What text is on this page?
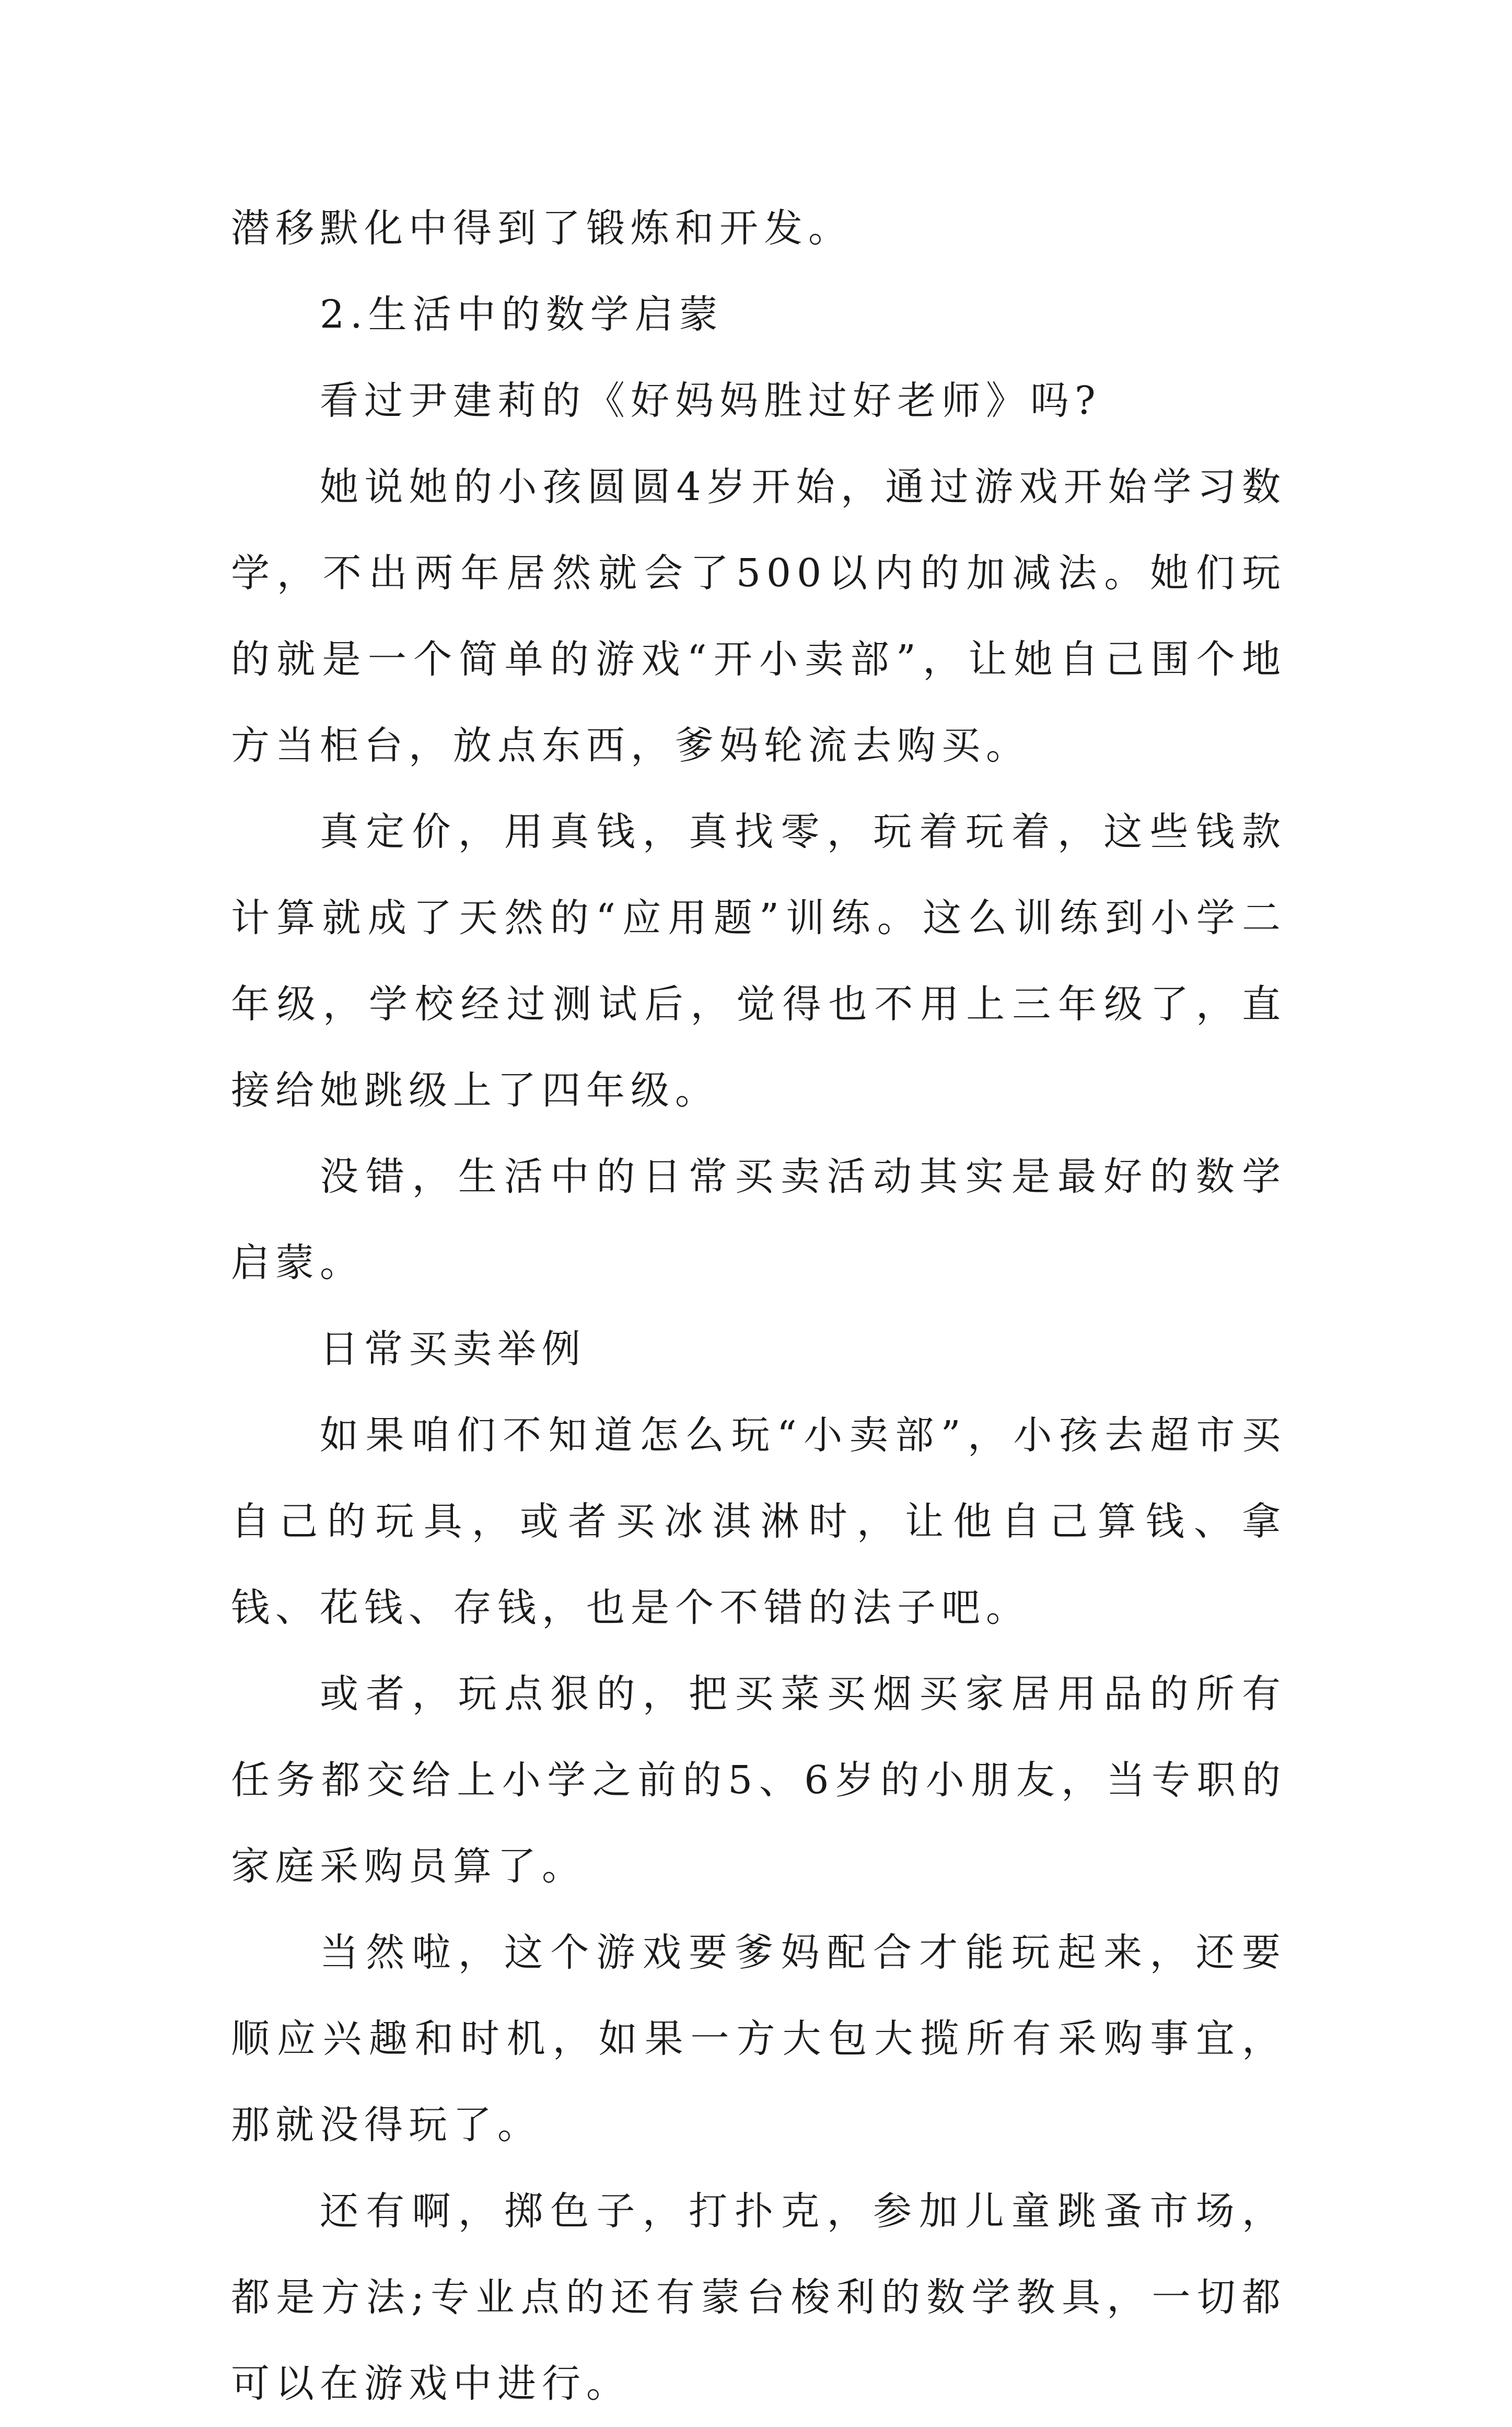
潜移默化中得到了锻炼和开发。

2.生活中的数学启蒙

看过尹建莉的《好妈妈胜过好老师》吗?

她说她的小孩圆圆4岁开始，通过游戏开始学习数学，不出两年居然就会了500以内的加减法。她们玩的就是一个简单的游戏“开小卖部”，让她自己围个地方当柜台，放点东西，爹妈轮流去购买。

真定价，用真钱，真找零，玩着玩着，这些钱款计算就成了天然的“应用题”训练。这么训练到小学二年级，学校经过测试后，觉得也不用上三年级了，直接给她跳级上了四年级。

没错，生活中的日常买卖活动其实是最好的数学启蒙。

日常买卖举例

如果咱们不知道怎么玩“小卖部”，小孩去超市买自己的玩具，或者买冰淇淋时，让他自己算钱、拿钱、花钱、存钱，也是个不错的法子吧。

或者，玩点狠的，把买菜买烟买家居用品的所有任务都交给上小学之前的5、6岁的小朋友，当专职的家庭采购员算了。

当然啦，这个游戏要爹妈配合才能玩起来，还要顺应兴趣和时机，如果一方大包大揽所有采购事宜，那就没得玩了。

还有啊，掷色子，打扑克，参加儿童跳蚤市场，都是方法;专业点的还有蒙台梭利的数学教具，一切都可以在游戏中进行。
